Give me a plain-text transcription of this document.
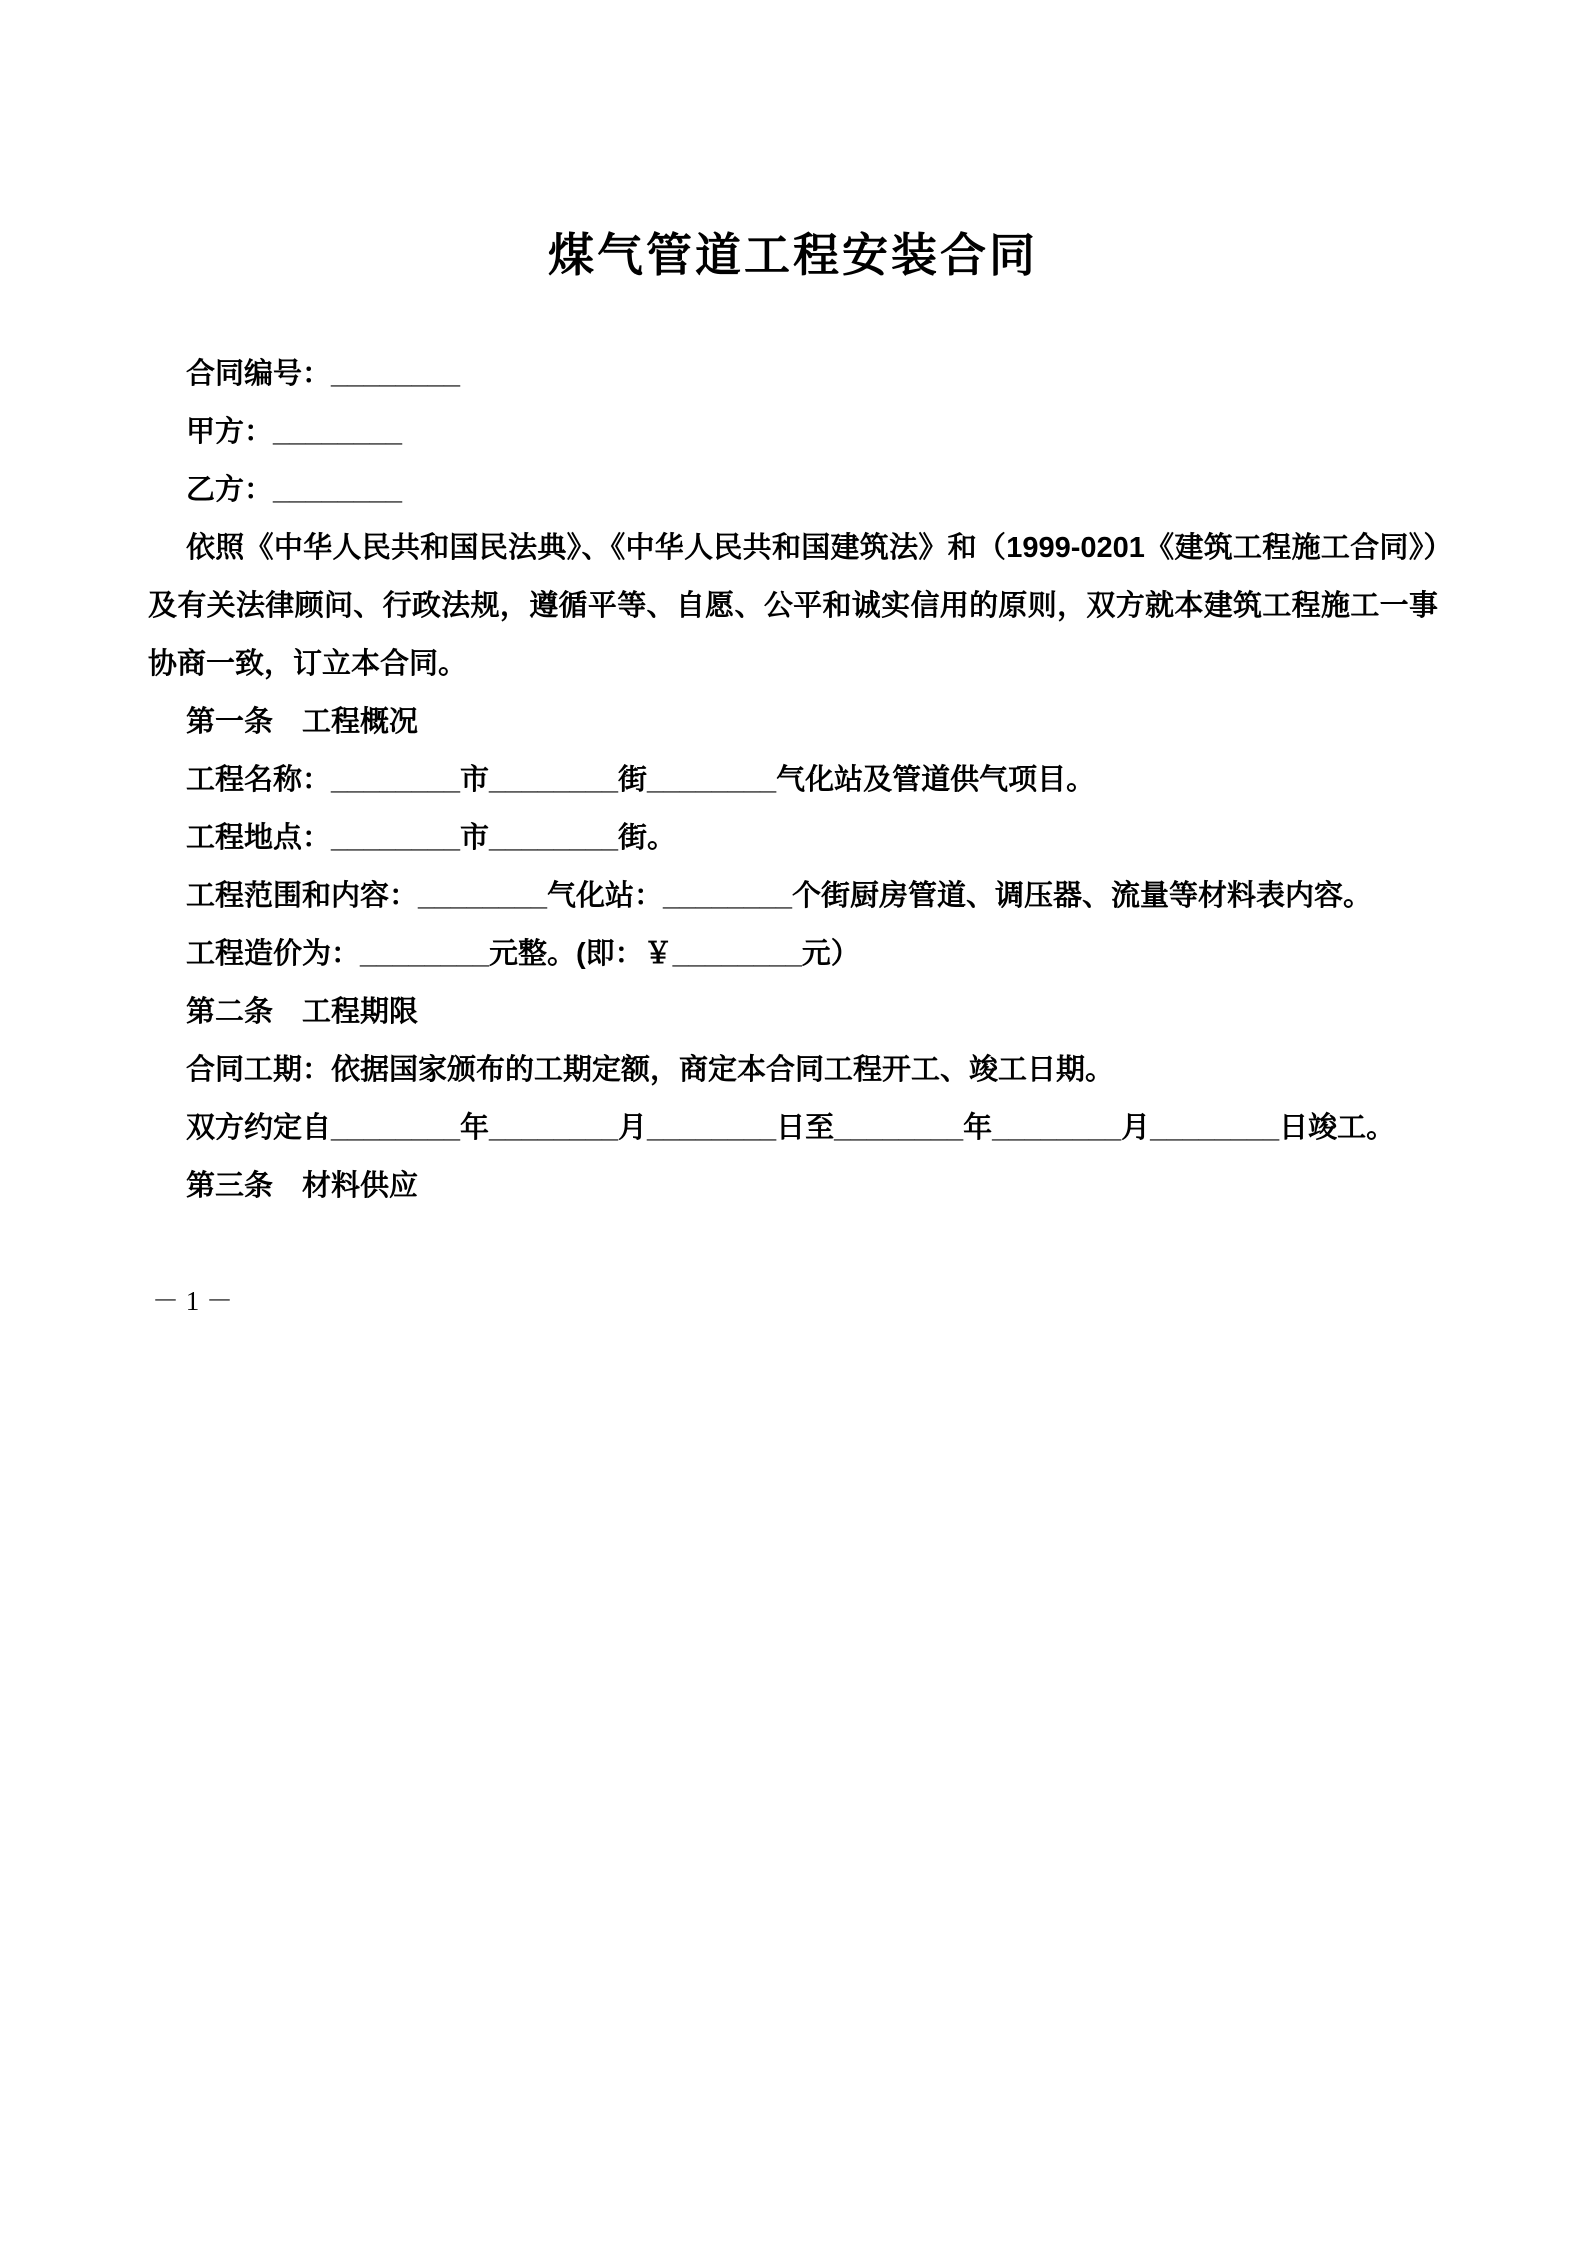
煤气管道工程安装合同

合同编号：________

甲方：________

乙方：________

依照《中华人民共和国民法典》、《中华人民共和国建筑法》和（1999-0201《建筑工程施工合同》）及有关法律顾问、行政法规，遵循平等、自愿、公平和诚实信用的原则，双方就本建筑工程施工一事协商一致，订立本合同。

第一条　工程概况

工程名称：________市________街________气化站及管道供气项目。

工程地点：________市________街。

工程范围和内容：________气化站：________个街厨房管道、调压器、流量等材料表内容。

工程造价为：________元整。(即：￥________元）

第二条　工程期限

合同工期：依据国家颁布的工期定额，商定本合同工程开工、竣工日期。

双方约定自________年________月________日至________年________月________日竣工。

第三条　材料供应

－ 1 －
